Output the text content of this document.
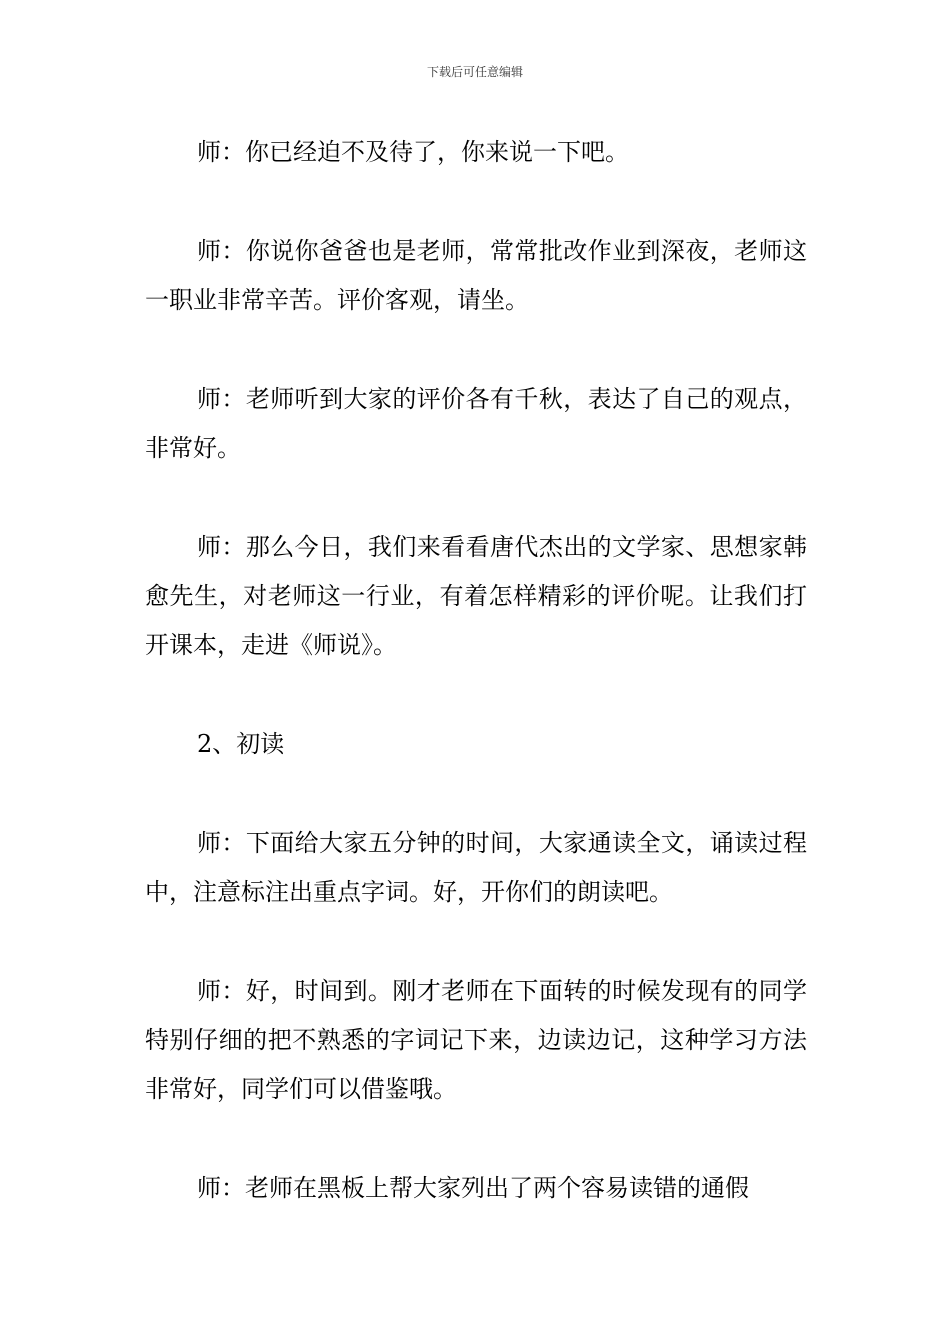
下载后可任意编辑

师：你已经迫不及待了，你来说一下吧。

师：你说你爸爸也是老师，常常批改作业到深夜，老师这一职业非常辛苦。评价客观，请坐。

师：老师听到大家的评价各有千秋，表达了自己的观点，非常好。

师：那么今日，我们来看看唐代杰出的文学家、思想家韩愈先生，对老师这一行业，有着怎样精彩的评价呢。让我们打开课本，走进《师说》。

2、初读

师：下面给大家五分钟的时间，大家通读全文，诵读过程中，注意标注出重点字词。好，开你们的朗读吧。

师：好，时间到。刚才老师在下面转的时候发现有的同学特别仔细的把不熟悉的字词记下来，边读边记，这种学习方法非常好，同学们可以借鉴哦。

师：老师在黑板上帮大家列出了两个容易读错的通假
